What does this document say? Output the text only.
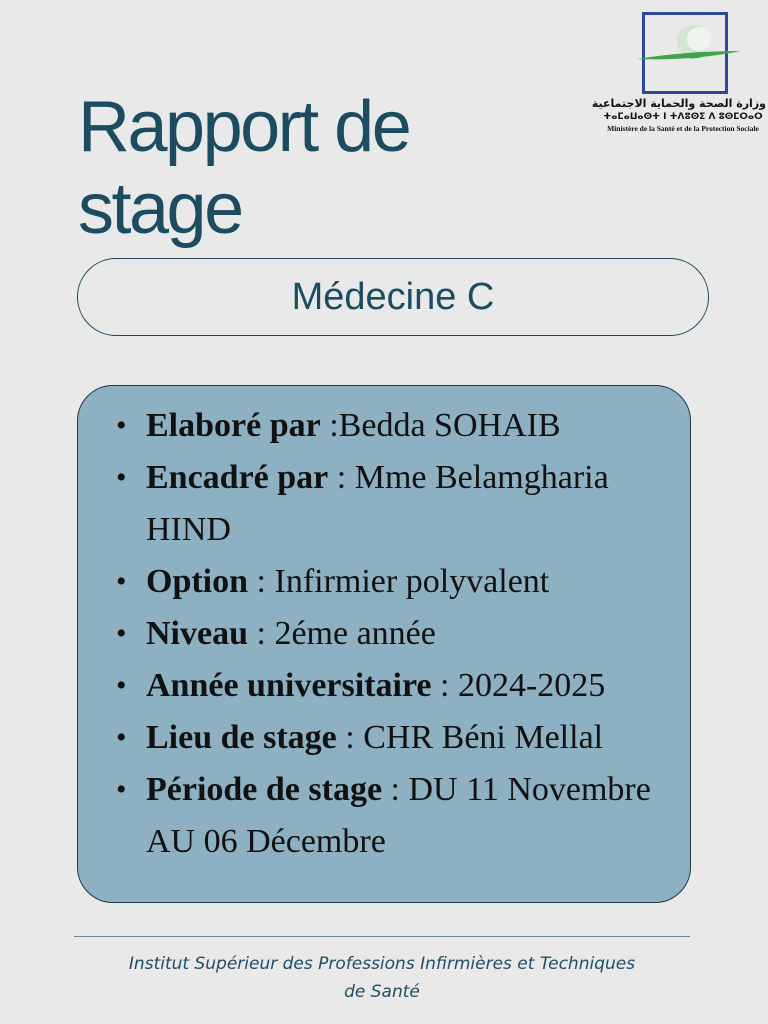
وزارة الصحة والحماية الاجتماعية
ⵜⴰⵎⴰⵡⴰⵙⵜ ⵏ ⵜⴷⵓⵙⵉ ⴷ ⵓⵙⵎⵔⴰⵔ
Ministère de la Santé et de la Protection Sociale
Rapport de
stage
Médecine C
• Elaboré par :Bedda SOHAIB
• Encadré par : Mme Belamgharia HIND
• Option : Infirmier polyvalent
• Niveau : 2éme année
• Année universitaire : 2024-2025
• Lieu de stage : CHR Béni Mellal
• Période de stage : DU 11 Novembre AU 06 Décembre
Institut Supérieur des Professions Infirmières et Techniques
de Santé
